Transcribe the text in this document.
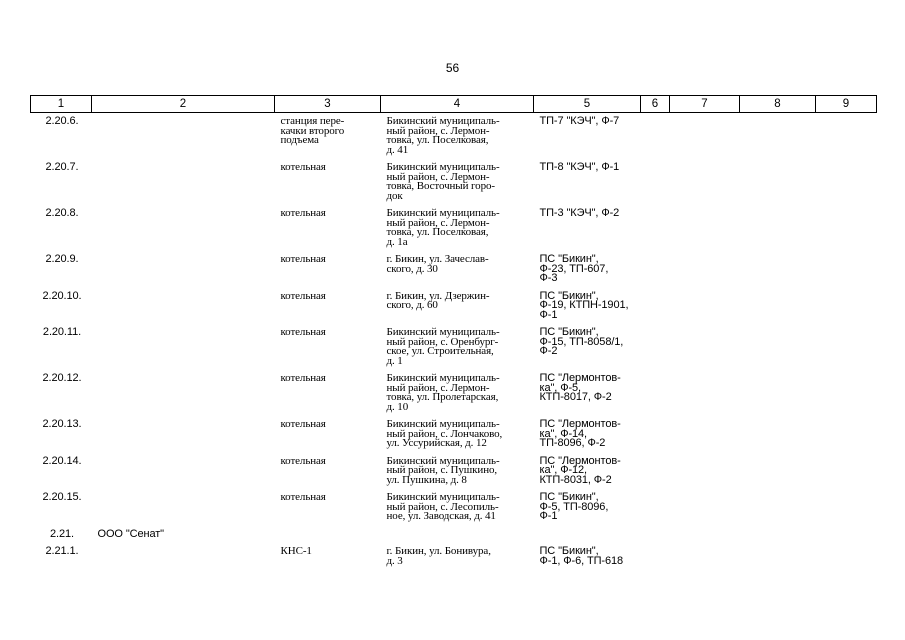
56
1	2	3	4	5	6	7	8	9
2.20.6.		станция пере-
качки второго
подъема	Бикинский муниципаль-
ный район, с. Лермон-
товка, ул. Поселковая,
д. 41	ТП-7 "КЭЧ", Ф-7				

2.20.7.		котельная	Бикинский муниципаль-
ный район, с. Лермон-
товка, Восточный горо-
док	ТП-8 "КЭЧ", Ф-1				

2.20.8.		котельная	Бикинский муниципаль-
ный район, с. Лермон-
товка, ул. Поселковая,
д. 1а	ТП-3 "КЭЧ", Ф-2				

2.20.9.		котельная	г. Бикин, ул. Зачеслав-
ского, д. 30	ПС "Бикин",
Ф-23, ТП-607,
Ф-3				

2.20.10.		котельная	г. Бикин, ул. Дзержин-
ского, д. 60	ПС "Бикин",
Ф-19, КТПН-1901,
Ф-1				

2.20.11.		котельная	Бикинский муниципаль-
ный район, с. Оренбург-
ское, ул. Строительная,
д. 1	ПС "Бикин",
Ф-15, ТП-8058/1,
Ф-2				

2.20.12.		котельная	Бикинский муниципаль-
ный район, с. Лермон-
товка, ул. Пролетарская,
д. 10	ПС "Лермонтов-
ка", Ф-5,
КТП-8017, Ф-2				

2.20.13.		котельная	Бикинский муниципаль-
ный район, с. Лончаково,
ул. Уссурийская, д. 12	ПС "Лермонтов-
ка", Ф-14,
ТП-8096, Ф-2				

2.20.14.		котельная	Бикинский муниципаль-
ный район, с. Пушкино,
ул. Пушкина, д. 8	ПС "Лермонтов-
ка", Ф-12,
КТП-8031, Ф-2				

2.20.15.		котельная	Бикинский муниципаль-
ный район, с. Лесопиль-
ное, ул. Заводская, д. 41	ПС "Бикин",
Ф-5, ТП-8096,
Ф-1				

2.21.	ООО "Сенат"							
2.21.1.		КНС-1	г. Бикин, ул. Бонивура,
д. 3	ПС "Бикин",
Ф-1, Ф-6, ТП-618				
